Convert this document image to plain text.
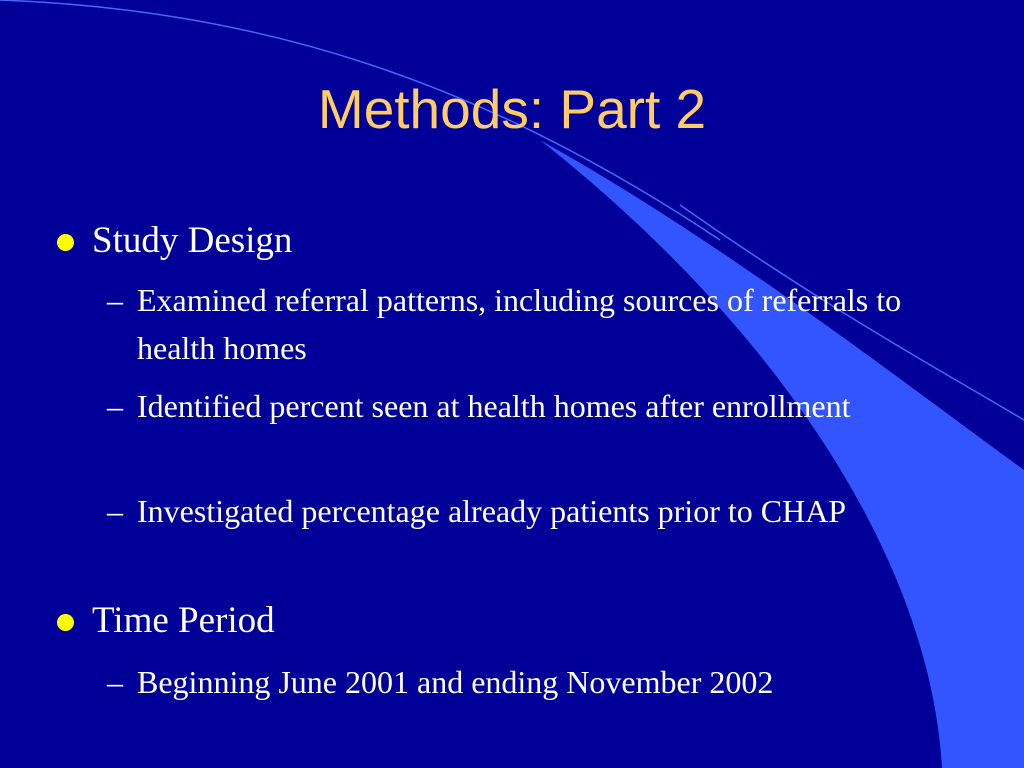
Methods: Part 2
Study Design
– Examined referral patterns, including sources of referrals to health homes
– Identified percent seen at health homes after enrollment
– Investigated percentage already patients prior to CHAP
Time Period
– Beginning June 2001 and ending November 2002
